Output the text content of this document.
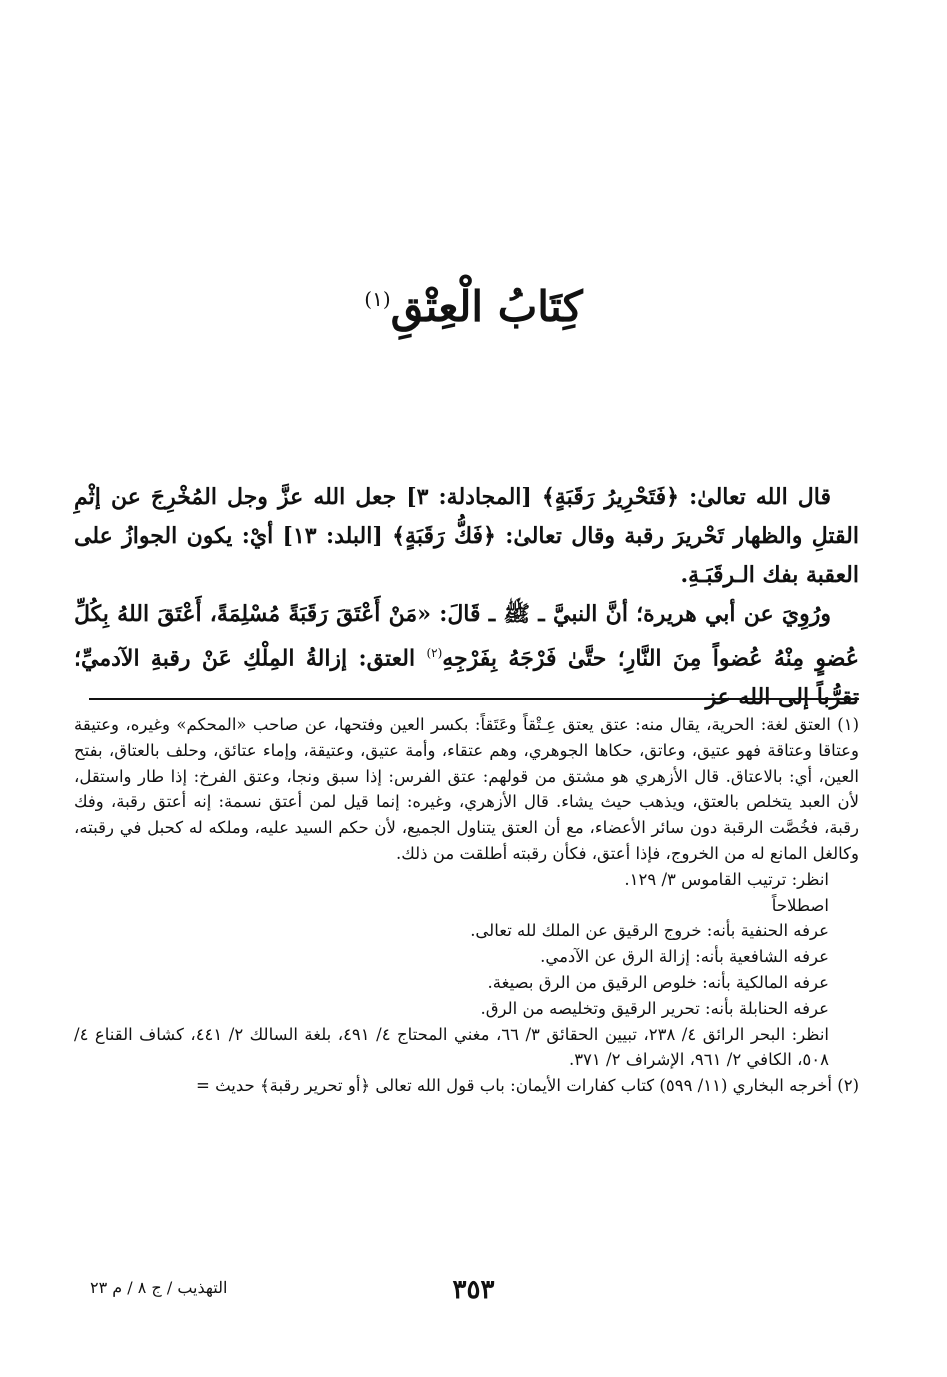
كِتَابُ الْعِتْقِ$^{(١)}$

قال الله تعالىٰ: ﴿فَتَحْرِيرُ رَقَبَةٍ﴾ [المجادلة: ٣] جعل الله عزَّ وجل المُخْرِجَ عن إثْمِ القتلِ والظهار تَحْريرَ رقبة وقال تعالىٰ: ﴿فَكُّ رَقَبَةٍ﴾ [البلد: ١٣] أيْ: يكون الجوازُ على العقبة بفك الـرقَبَـةِ.

ورُوِيَ عن أبي هريرة؛ أنَّ النبيَّ ـ ﷺ ـ قَالَ: «مَنْ أَعْتَقَ رَقَبَةً مُسْلِمَةً، أَعْتَقَ اللهُ بِكُلِّ عُضوٍ مِنْهُ عُضواً مِنَ النَّارِ؛ حتَّىٰ فَرْجَهُ بِفَرْجِهِ$^{(٢)}$ العتق: إزالةُ المِلْكِ عَنْ رقبةِ الآدميِّ؛ تقرُّباً إلى الله عز

(١) العتق لغة: الحرية، يقال منه: عتق يعتق عِـتْقاً وعَتَقاً: بكسر العين وفتحها، عن صاحب «المحكم» وغيره، وعتيقة وعتاقا وعتاقة فهو عتيق، وعاتق، حكاها الجوهري، وهم عتقاء، وأمة عتيق، وعتيقة، وإماء عتائق، وحلف بالعتاق، بفتح العين، أي: بالاعتاق. قال الأزهري هو مشتق من قولهم: عتق الفرس: إذا سبق ونجا، وعتق الفرخ: إذا طار واستقل، لأن العبد يتخلص بالعتق، ويذهب حيث يشاء. قال الأزهري، وغيره: إنما قيل لمن أعتق نسمة: إنه أعتق رقبة، وفك رقبة، فخُصَّت الرقبة دون سائر الأعضاء، مع أن العتق يتناول الجميع، لأن حكم السيد عليه، وملكه له كحبل في رقبته، وكالغل المانع له من الخروج، فإذا أعتق، فكأن رقبته أطلقت من ذلك.

انظر: ترتيب القاموس ٣/ ١٢٩.

اصطلاحاً

عرفه الحنفية بأنه: خروج الرقيق عن الملك لله تعالى.

عرفه الشافعية بأنه: إزالة الرق عن الآدمي.

عرفه المالكية بأنه: خلوص الرقيق من الرق بصيغة.

عرفه الحنابلة بأنه: تحرير الرقيق وتخليصه من الرق.

انظر: البحر الرائق ٤/ ٢٣٨، تبيين الحقائق ٣/ ٦٦، مغني المحتاج ٤/ ٤٩١، بلغة السالك ٢/ ٤٤١، كشاف القناع ٤/ ٥٠٨، الكافي ٢/ ٩٦١، الإشراف ٢/ ٣٧١.

(٢) أخرجه البخاري (١١/ ٥٩٩) كتاب كفارات الأيمان: باب قول الله تعالى ﴿أو تحرير رقبة﴾ حديث =

٣٥٣
التهذيب / ج ٨ / م ٢٣
